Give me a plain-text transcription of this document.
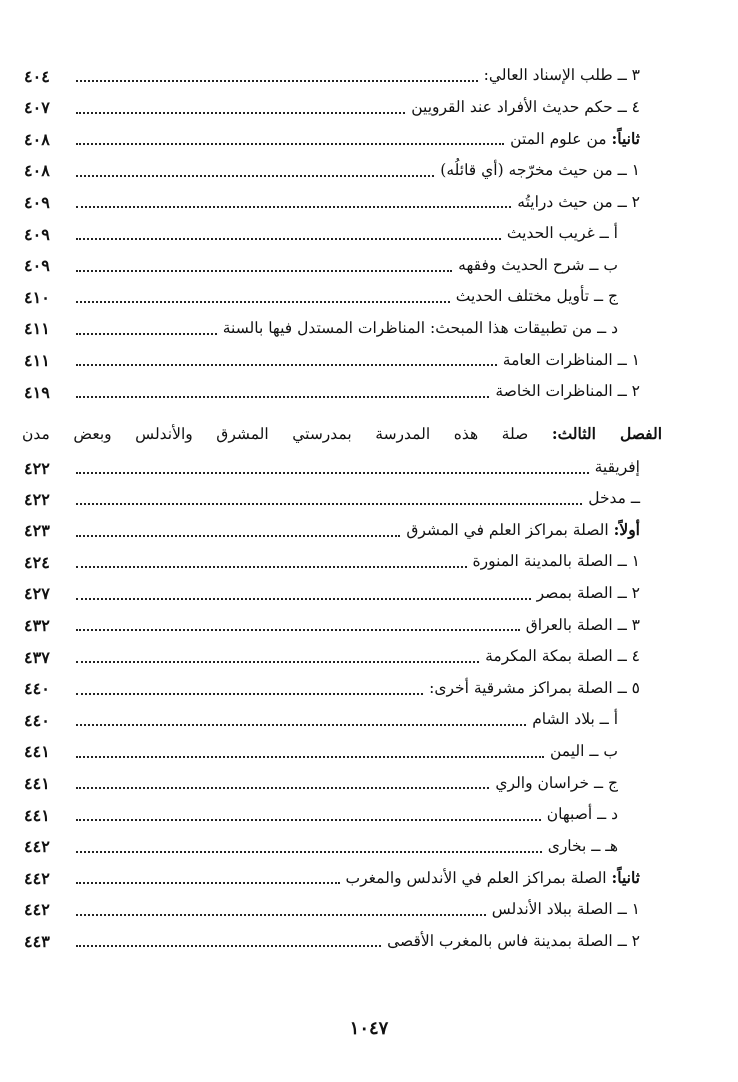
الفصل الثالث: صلة هذه المدرسة بمدرستي المشرق والأندلس وبعض مدن
٣ ــ طلب الإسناد العالي:
٤٠٤
٤ ــ حكم حديث الأفراد عند القرويين
٤٠٧
ثانياً: من علوم المتن
٤٠٨
١ ــ من حيث مخرّجه (أي قائلُه)
٤٠٨
٢ ــ من حيث درايتُه
٤٠٩
أ ــ غريب الحديث
٤٠٩
ب ــ شرح الحديث وفقهه
٤٠٩
ج ــ تأويل مختلف الحديث
٤١٠
د ــ من تطبيقات هذا المبحث: المناظرات المستدل فيها بالسنة
٤١١
١ ــ المناظرات العامة
٤١١
٢ ــ المناظرات الخاصة
٤١٩
إفريقية
٤٢٢
ــ مدخل
٤٢٢
أولاً: الصلة بمراكز العلم في المشرق
٤٢٣
١ ــ الصلة بالمدينة المنورة
٤٢٤
٢ ــ الصلة بمصر
٤٢٧
٣ ــ الصلة بالعراق
٤٣٢
٤ ــ الصلة بمكة المكرمة
٤٣٧
٥ ــ الصلة بمراكز مشرقية أخرى:
٤٤٠
أ ــ بلاد الشام
٤٤٠
ب ــ اليمن
٤٤١
ج ــ خراسان والري
٤٤١
د ــ أصبهان
٤٤١
هـ ــ بخارى
٤٤٢
ثانياً: الصلة بمراكز العلم في الأندلس والمغرب
٤٤٢
١ ــ الصلة ببلاد الأندلس
٤٤٢
٢ ــ الصلة بمدينة فاس بالمغرب الأقصى
٤٤٣
١٠٤٧
